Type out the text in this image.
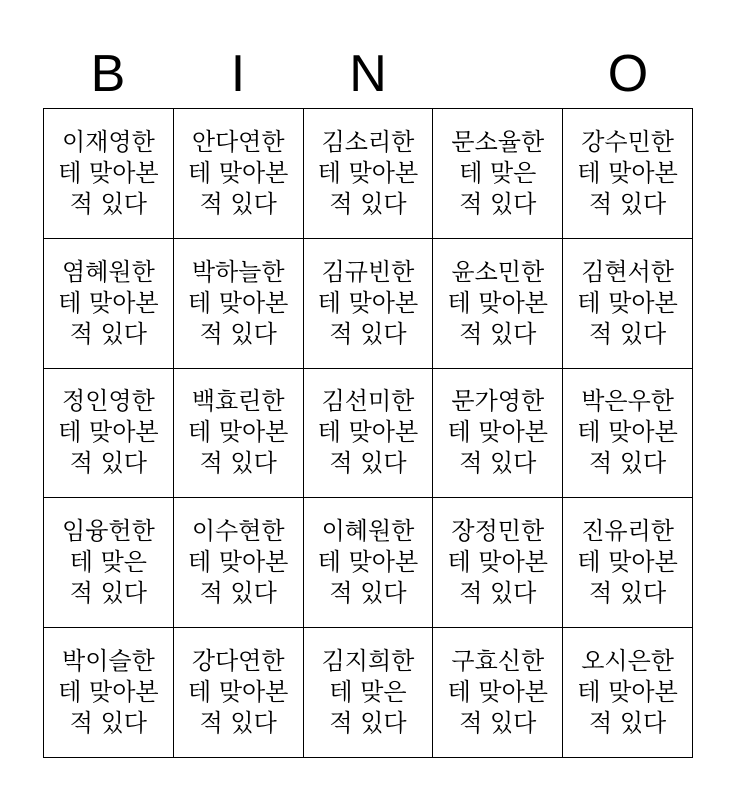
B	I	N	O
이재영한
테 맞아본
적 있다
안다연한
테 맞아본
적 있다
김소리한
테 맞아본
적 있다
문소율한
테 맞은
적 있다
강수민한
테 맞아본
적 있다
염혜원한
테 맞아본
적 있다
박하늘한
테 맞아본
적 있다
김규빈한
테 맞아본
적 있다
윤소민한
테 맞아본
적 있다
김현서한
테 맞아본
적 있다
정인영한
테 맞아본
적 있다
백효린한
테 맞아본
적 있다
김선미한
테 맞아본
적 있다
문가영한
테 맞아본
적 있다
박은우한
테 맞아본
적 있다
임융헌한
테 맞은
적 있다
이수현한
테 맞아본
적 있다
이혜원한
테 맞아본
적 있다
장정민한
테 맞아본
적 있다
진유리한
테 맞아본
적 있다
박이슬한
테 맞아본
적 있다
강다연한
테 맞아본
적 있다
김지희한
테 맞은
적 있다
구효신한
테 맞아본
적 있다
오시은한
테 맞아본
적 있다
